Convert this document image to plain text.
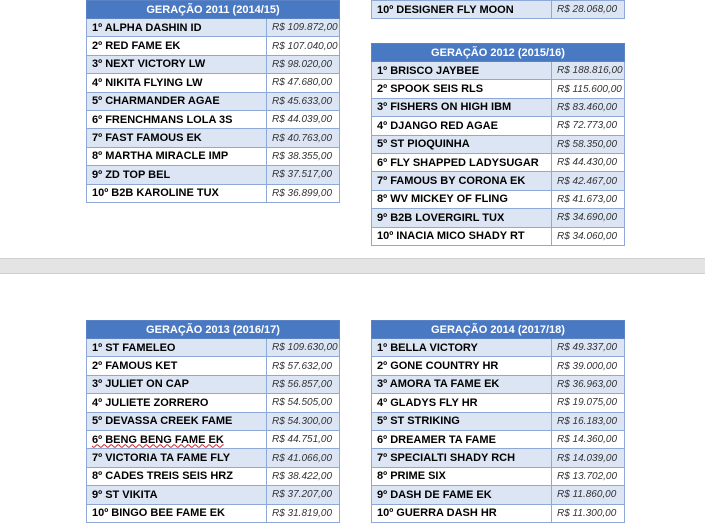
10º DESIGNER FLY MOON	R$ 28.068,00
GERAÇÃO 2011 (2014/15)	
1º ALPHA DASHIN ID	R$ 109.872,00
2º RED FAME EK	R$ 107.040,00
3º NEXT VICTORY LW	R$ 98.020,00
4º NIKITA FLYING LW	R$ 47.680,00
5º CHARMANDER AGAE	R$ 45.633,00
6º FRENCHMANS LOLA 3S	R$ 44.039,00
7º FAST FAMOUS EK	R$ 40.763,00
8º MARTHA MIRACLE IMP	R$ 38.355,00
9º ZD TOP BEL	R$ 37.517,00
10º B2B KAROLINE TUX	R$ 36.899,00
GERAÇÃO 2012 (2015/16)	
1º BRISCO JAYBEE	R$ 188.816,00
2º SPOOK SEIS RLS	R$ 115.600,00
3º FISHERS ON HIGH IBM	R$ 83.460,00
4º DJANGO RED AGAE	R$ 72.773,00
5º ST PIOQUINHA	R$ 58.350,00
6º FLY SHAPPED LADYSUGAR	R$ 44.430,00
7º FAMOUS BY CORONA EK	R$ 42.467,00
8º WV MICKEY OF FLING	R$ 41.673,00
9º B2B LOVERGIRL TUX	R$ 34.690,00
10º INACIA MICO SHADY RT	R$ 34.060,00
GERAÇÃO 2013 (2016/17)	
1º ST FAMELEO	R$ 109.630,00
2º FAMOUS KET	R$ 57.632,00
3º JULIET ON CAP	R$ 56.857,00
4º JULIETE ZORRERO	R$ 54.505,00
5º DEVASSA CREEK FAME	R$ 54.300,00
6º BENG BENG FAME EK	R$ 44.751,00
7º VICTORIA TA FAME FLY	R$ 41.066,00
8º CADES TREIS SEIS HRZ	R$ 38.422,00
9º ST VIKITA	R$ 37.207,00
10º BINGO BEE FAME EK	R$ 31.819,00
GERAÇÃO 2014 (2017/18)	
1º BELLA VICTORY	R$ 49.337,00
2º GONE COUNTRY HR	R$ 39.000,00
3º AMORA TA FAME EK	R$ 36.963,00
4º GLADYS FLY HR	R$ 19.075,00
5º ST STRIKING	R$ 16.183,00
6º DREAMER TA FAME	R$ 14.360,00
7º SPECIALTI SHADY RCH	R$ 14.039,00
8º PRIME SIX	R$ 13.702,00
9º DASH DE FAME EK	R$ 11.860,00
10º GUERRA DASH HR	R$ 11.300,00
